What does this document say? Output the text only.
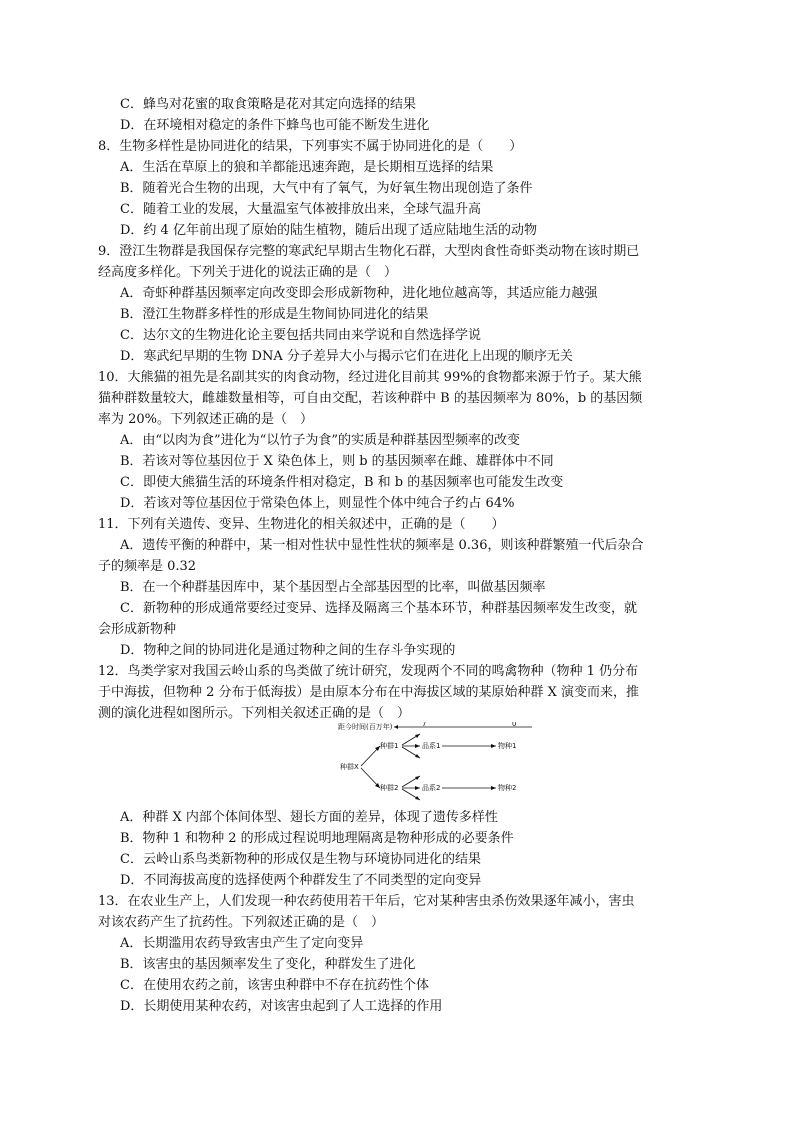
C．蜂鸟对花蜜的取食策略是花对其定向选择的结果
D．在环境相对稳定的条件下蜂鸟也可能不断发生进化
8．生物多样性是协同进化的结果，下列事实不属于协同进化的是（　　）
A．生活在草原上的狼和羊都能迅速奔跑，是长期相互选择的结果
B．随着光合生物的出现，大气中有了氧气，为好氧生物出现创造了条件
C．随着工业的发展，大量温室气体被排放出来，全球气温升高
D．约 4 亿年前出现了原始的陆生植物，随后出现了适应陆地生活的动物
9．澄江生物群是我国保存完整的寒武纪早期古生物化石群，大型肉食性奇虾类动物在该时期已
经高度多样化。下列关于进化的说法正确的是（　）
A．奇虾种群基因频率定向改变即会形成新物种，进化地位越高等，其适应能力越强
B．澄江生物群多样性的形成是生物间协同进化的结果
C．达尔文的生物进化论主要包括共同由来学说和自然选择学说
D．寒武纪早期的生物 DNA 分子差异大小与揭示它们在进化上出现的顺序无关
10．大熊猫的祖先是名副其实的肉食动物，经过进化目前其 99%的食物都来源于竹子。某大熊
猫种群数量较大，雌雄数量相等，可自由交配，若该种群中 B 的基因频率为 80%，b 的基因频
率为 20%。下列叙述正确的是（　）
A．由“以肉为食”进化为“以竹子为食”的实质是种群基因型频率的改变
B．若该对等位基因位于 X 染色体上，则 b 的基因频率在雌、雄群体中不同
C．即使大熊猫生活的环境条件相对稳定，B 和 b 的基因频率也可能发生改变
D．若该对等位基因位于常染色体上，则显性个体中纯合子约占 64%
11．下列有关遗传、变异、生物进化的相关叙述中，正确的是（　　）
A．遗传平衡的种群中，某一相对性状中显性性状的频率是 0.36，则该种群繁殖一代后杂合
子的频率是 0.32
B．在一个种群基因库中，某个基因型占全部基因型的比率，叫做基因频率
C．新物种的形成通常要经过变异、选择及隔离三个基本环节，种群基因频率发生改变，就
会形成新物种
D．物种之间的协同进化是通过物种之间的生存斗争实现的
12．鸟类学家对我国云岭山系的鸟类做了统计研究，发现两个不同的鸣禽物种（物种 1 仍分布
于中海拔，但物种 2 分布于低海拔）是由原本分布在中海拔区域的某原始种群 X 演变而来，推
测的演化进程如图所示。下列相关叙述正确的是（　）
距今时间(百万年)	7	0
种群X
种群1	品系1	物种1
种群2	品系2	物种2
A．种群 X 内部个体间体型、翅长方面的差异，体现了遗传多样性
B．物种 1 和物种 2 的形成过程说明地理隔离是物种形成的必要条件
C．云岭山系鸟类新物种的形成仅是生物与环境协同进化的结果
D．不同海拔高度的选择使两个种群发生了不同类型的定向变异
13．在农业生产上，人们发现一种农药使用若干年后，它对某种害虫杀伤效果逐年减小，害虫
对该农药产生了抗药性。下列叙述正确的是（　）
A．长期滥用农药导致害虫产生了定向变异
B．该害虫的基因频率发生了变化，种群发生了进化
C．在使用农药之前，该害虫种群中不存在抗药性个体
D．长期使用某种农药，对该害虫起到了人工选择的作用
